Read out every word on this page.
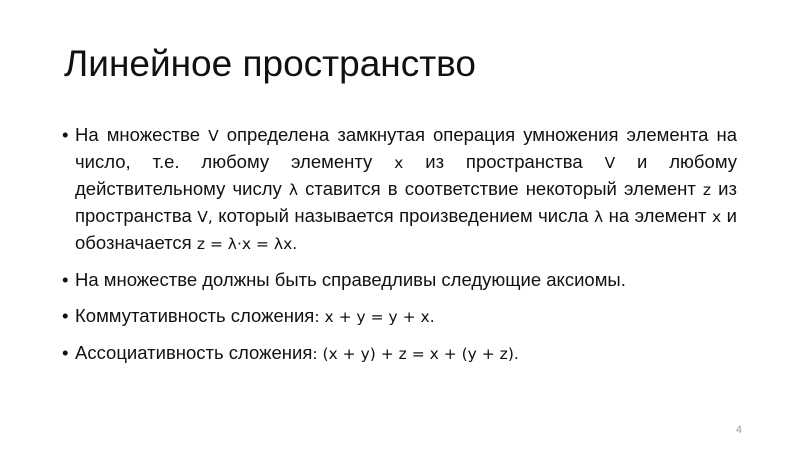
Линейное пространство
• На множестве V определена замкнутая операция умножения элемента на число, т.е. любому элементу x из пространства V и любому действительному числу λ ставится в соответствие некоторый элемент z из пространства V, который называется произведением числа λ на элемент x и обозначается z = λ·x = λx.
• На множестве должны быть справедливы следующие аксиомы.
• Коммутативность сложения: x + y = y + x.
• Ассоциативность сложения: (x + y) + z = x + (y + z).
4
